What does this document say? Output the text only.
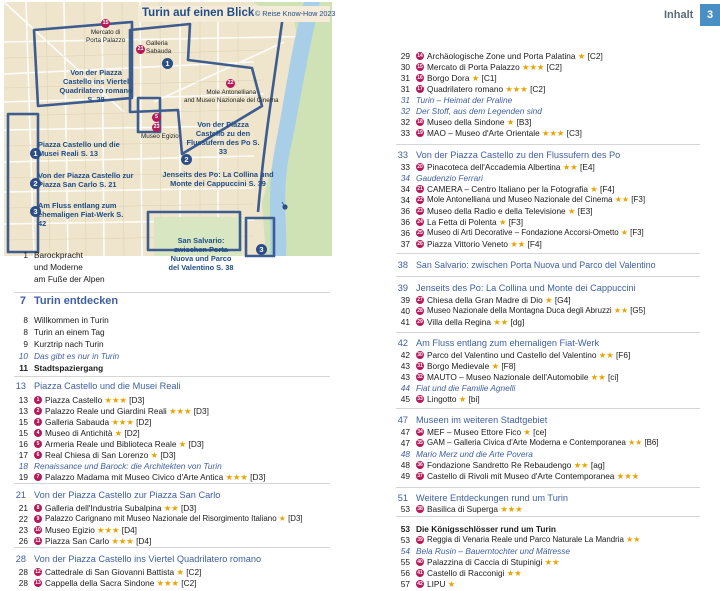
Turin auf einen Blick © Reise Know-How 2023
15
Mercato di
Porta Palazzo
21
Galleria
Sabauda
22
Mole Antonelliana
and Museo Nazionale del Cinema
5
23
Museo Egizio
Von der Piazza Castello ins Viertel Quadrilatero romano S. 28
Von der Piazza Castello zu den Flussufern des Po S. 33
Jenseits des Po: La Collina und Monte dei Cappuccini S. 39
San Salvario: zwischen Porta Nuova und Parco del Valentino S. 38
1
2
3
1
Piazza Castello und die Musei Reali S. 13
2
Von der Piazza Castello zur Piazza San Carlo S. 21
3
Am Fluss entlang zum ehemaligen Fiat-Werk S. 42
Inhalt	3
1 Barockpracht
und Moderne
am Fuße der Alpen
7 Turin entdecken
8 Willkommen in Turin
8 Turin an einem Tag
9 Kurztrip nach Turin
10 Das gibt es nur in Turin
11 Stadtspaziergang
13 Piazza Castello und die Musei Reali
13	1 Piazza Castello ★★★ [D3]
13	2 Palazzo Reale und Giardini Reali ★★★ [D3]
15	3 Galleria Sabauda ★★★ [D2]
15	4 Museo di Antichità ★ [D2]
16	5 Armeria Reale und Biblioteca Reale ★ [D3]
17	6 Real Chiesa di San Lorenzo ★ [D3]
18 Renaissance und Barock: die Architekten von Turin
19	7 Palazzo Madama mit Museo Civico d'Arte Antica ★★★ [D3]
21 Von der Piazza Castello zur Piazza San Carlo
21	8 Galleria dell'Industria Subalpina ★★ [D3]
22	9 Palazzo Carignano mit Museo Nazionale del Risorgimento Italiano ★ [D3]
23 10 Museo Egizio ★★★ [D4]
26 11 Piazza San Carlo ★★★ [D4]
28 Von der Piazza Castello ins Viertel Quadrilatero romano
28 12 Cattedrale di San Giovanni Battista ★ [C2]
28 13 Cappella della Sacra Sindone ★★★ [C2]
29 14 Archäologische Zone und Porta Palatina ★ [C2]
30 15 Mercato di Porta Palazzo ★★★ [C2]
31 16 Borgo Dora ★ [C1]
31 17 Quadrilatero romano ★★★ [C2]
31 Turin – Heimat der Praline
32 Der Stoff, aus dem Legenden sind
32 18 Museo della Sindone ★ [B3]
33 19 MAO – Museo d'Arte Orientale ★★★ [C3]
33 Von der Piazza Castello zu den Flussufern des Po
33 20 Pinacoteca dell'Accademia Albertina ★★ [E4]
34 Gaudenzio Ferrari
34 21 CAMERA – Centro Italiano per la Fotografia ★ [F4]
34 22 Mole Antonelliana und Museo Nazionale del Cinema ★★ [F3]
36 23 Museo della Radio e della Televisione ★ [E3]
36 24 La Fetta di Polenta ★ [F3]
36 25 Museo di Arti Decorative – Fondazione Accorsi-Ometto ★ [F3]
37 26 Piazza Vittorio Veneto ★★ [F4]
38 San Salvario: zwischen Porta Nuova und Parco del Valentino
39 Jenseits des Po: La Collina und Monte dei Cappuccini
39 27 Chiesa della Gran Madre di Dio ★ [G4]
40 28 Museo Nazionale della Montagna Duca degli Abruzzi ★★ [G5]
41 29 Villa della Regina ★★ [dg]
42 Am Fluss entlang zum ehemaligen Fiat-Werk
42 30 Parco del Valentino und Castello del Valentino ★★ [F6]
43 31 Borgo Medievale ★ [F8]
43 32 MAUTO – Museo Nazionale dell'Automobile ★★ [ci]
44 Fiat und die Familie Agnelli
45 33 Lingotto ★ [bi]
47 Museen im weiteren Stadtgebiet
47 34 MEF – Museo Ettore Fico ★ [ce]
47 35 GAM – Galleria Civica d'Arte Moderna e Contemporanea ★★ [B6]
48 Mario Merz und die Arte Povera
48 36 Fondazione Sandretto Re Rebaudengo ★★ [ag]
49 37 Castello di Rivoli mit Museo d'Arte Contemporanea ★★★
51 Weitere Entdeckungen rund um Turin
53 38 Basilica di Superga ★★★
53 Die Königsschlösser rund um Turin
53 39 Reggia di Venaria Reale und Parco Naturale La Mandria ★★
54 Bela Rusin – Bauerntochter und Mätresse
55 40 Palazzina di Caccia di Stupinigi ★★
56 41 Castello di Racconigi ★★
57 42 LIPU ★
